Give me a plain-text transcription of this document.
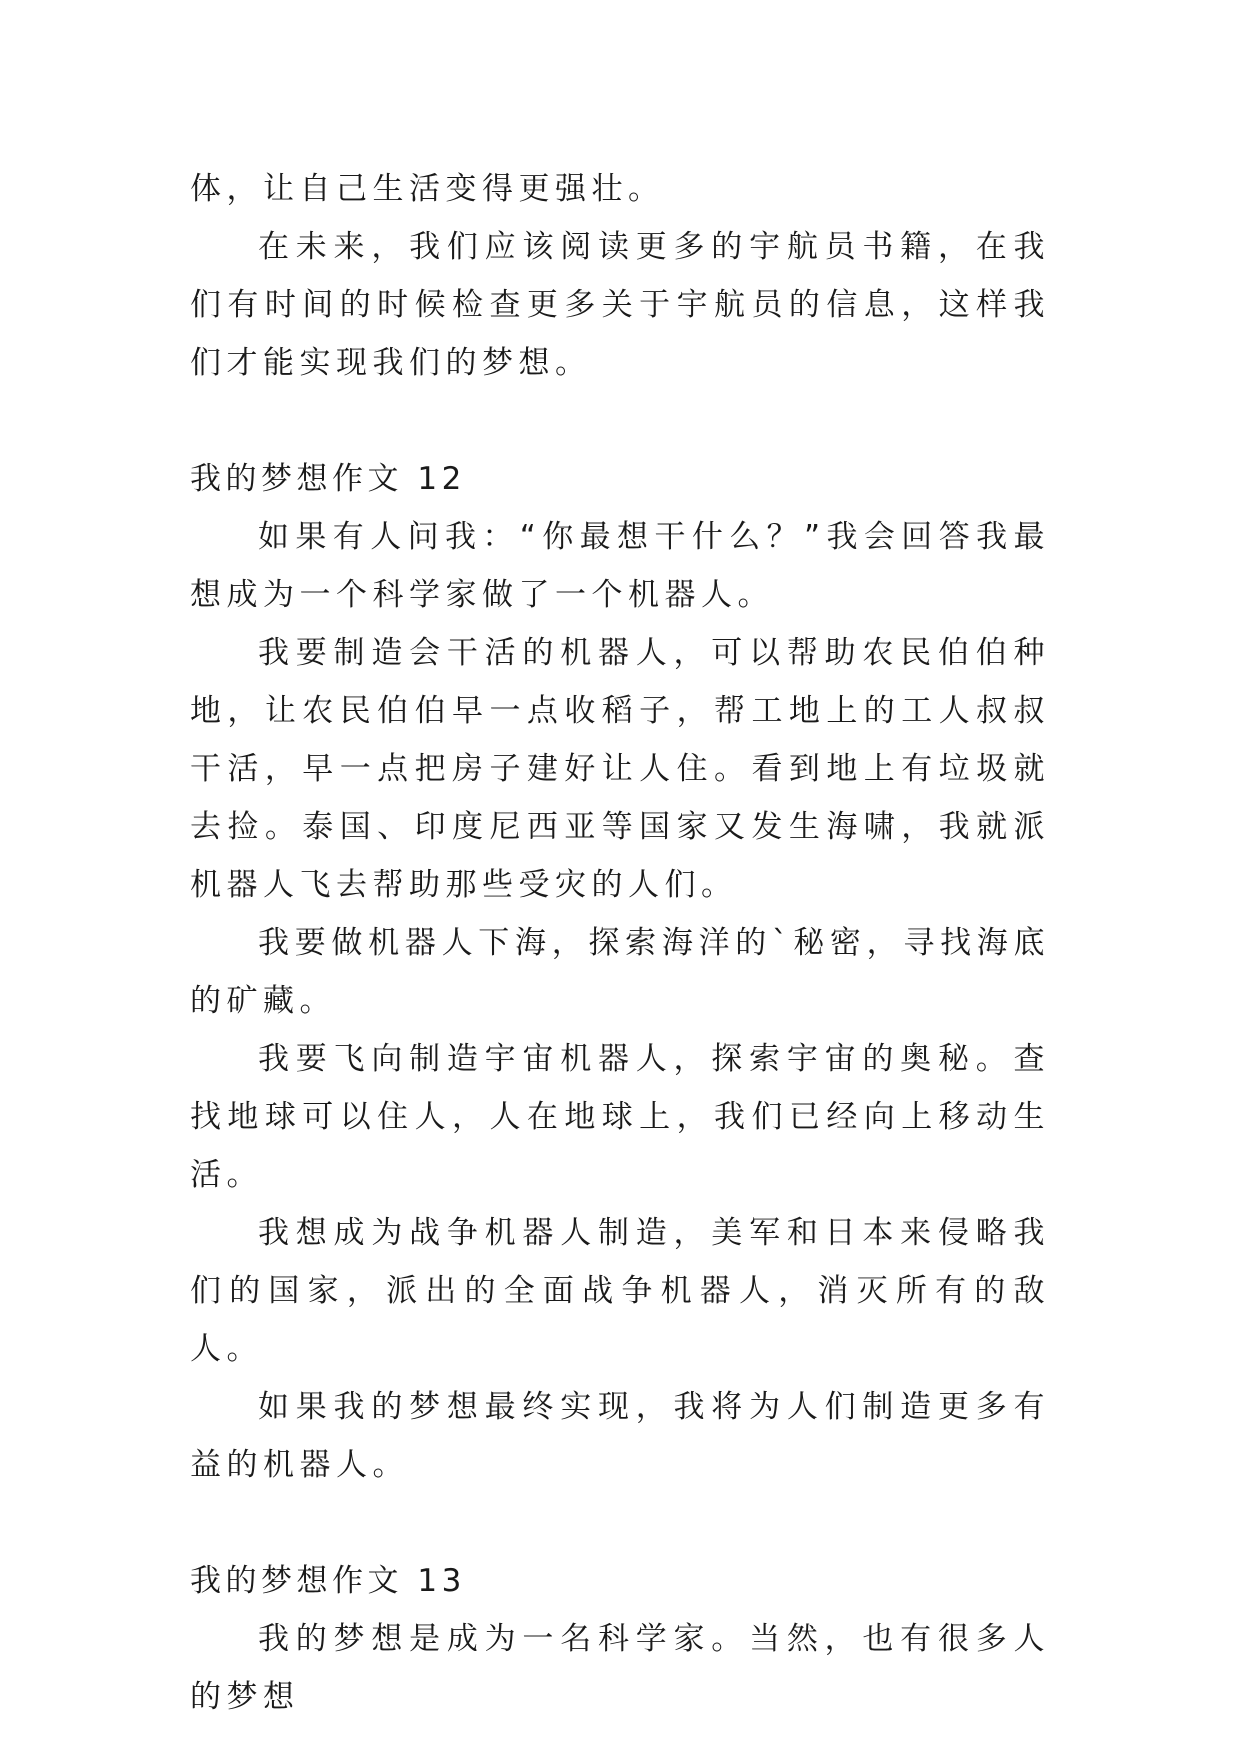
体，让自己生活变得更强壮。

在未来，我们应该阅读更多的宇航员书籍，在我们有时间的时候检查更多关于宇航员的信息，这样我们才能实现我们的梦想。

我的梦想作文 12

如果有人问我：“你最想干什么？”我会回答我最想成为一个科学家做了一个机器人。

我要制造会干活的机器人，可以帮助农民伯伯种地，让农民伯伯早一点收稻子，帮工地上的工人叔叔干活，早一点把房子建好让人住。看到地上有垃圾就去捡。泰国、印度尼西亚等国家又发生海啸，我就派机器人飞去帮助那些受灾的人们。

我要做机器人下海，探索海洋的`秘密，寻找海底的矿藏。

我要飞向制造宇宙机器人，探索宇宙的奥秘。查找地球可以住人，人在地球上，我们已经向上移动生活。

我想成为战争机器人制造，美军和日本来侵略我们的国家，派出的全面战争机器人，消灭所有的敌人。

如果我的梦想最终实现，我将为人们制造更多有益的机器人。

我的梦想作文 13

我的梦想是成为一名科学家。当然，也有很多人的梦想
